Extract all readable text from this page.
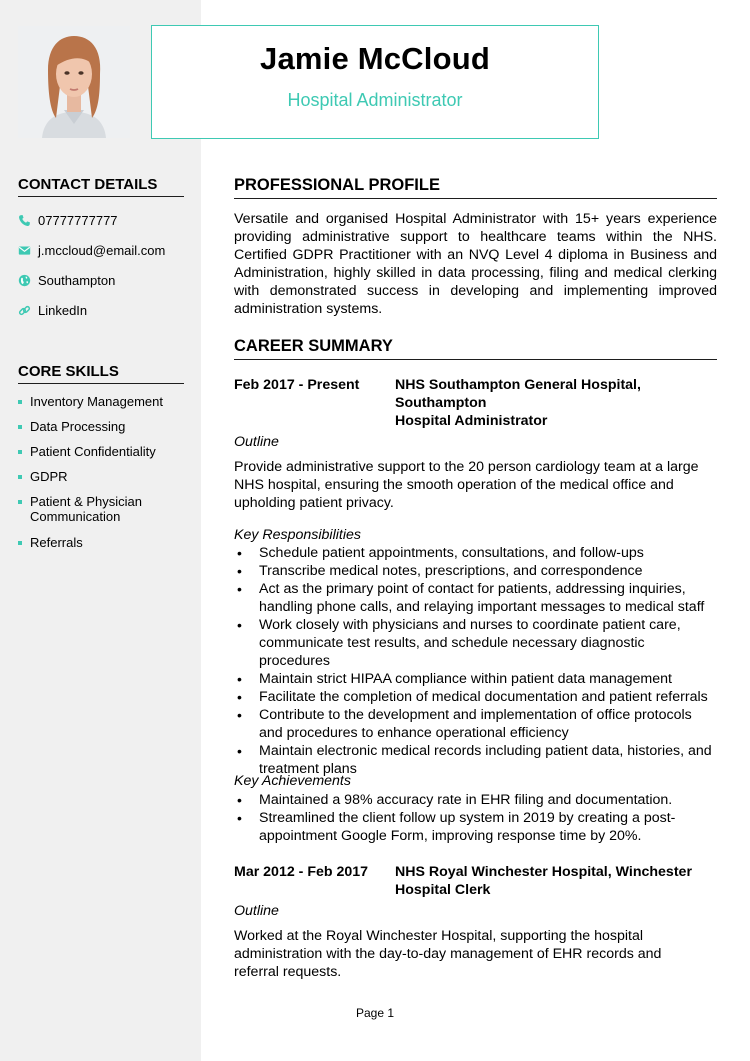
Jamie McCloud
Hospital Administrator
CONTACT DETAILS
07777777777
j.mccloud@email.com
Southampton
LinkedIn
CORE SKILLS
Inventory Management
Data Processing
Patient Confidentiality
GDPR
Patient & Physician Communication
Referrals
PROFESSIONAL PROFILE
Versatile and organised Hospital Administrator with 15+ years experience providing administrative support to healthcare teams within the NHS. Certified GDPR Practitioner with an NVQ Level 4 diploma in Business and Administration, highly skilled in data processing, filing and medical clerking with demonstrated success in developing and implementing improved administration systems.
CAREER SUMMARY
Feb 2017 - Present	NHS Southampton General Hospital, Southampton
Hospital Administrator
Outline
Provide administrative support to the 20 person cardiology team at a large NHS hospital, ensuring the smooth operation of the medical office and upholding patient privacy.
Key Responsibilities
• Schedule patient appointments, consultations, and follow-ups
• Transcribe medical notes, prescriptions, and correspondence
• Act as the primary point of contact for patients, addressing inquiries, handling phone calls, and relaying important messages to medical staff
• Work closely with physicians and nurses to coordinate patient care, communicate test results, and schedule necessary diagnostic procedures
• Maintain strict HIPAA compliance within patient data management
• Facilitate the completion of medical documentation and patient referrals
• Contribute to the development and implementation of office protocols and procedures to enhance operational efficiency
• Maintain electronic medical records including patient data, histories, and treatment plans
Key Achievements
• Maintained a 98% accuracy rate in EHR filing and documentation.
• Streamlined the client follow up system in 2019 by creating a post-appointment Google Form, improving response time by 20%.
Mar 2012 - Feb 2017 NHS Royal Winchester Hospital, Winchester
Hospital Clerk
Outline
Worked at the Royal Winchester Hospital, supporting the hospital administration with the day-to-day management of EHR records and referral requests.
Page 1
